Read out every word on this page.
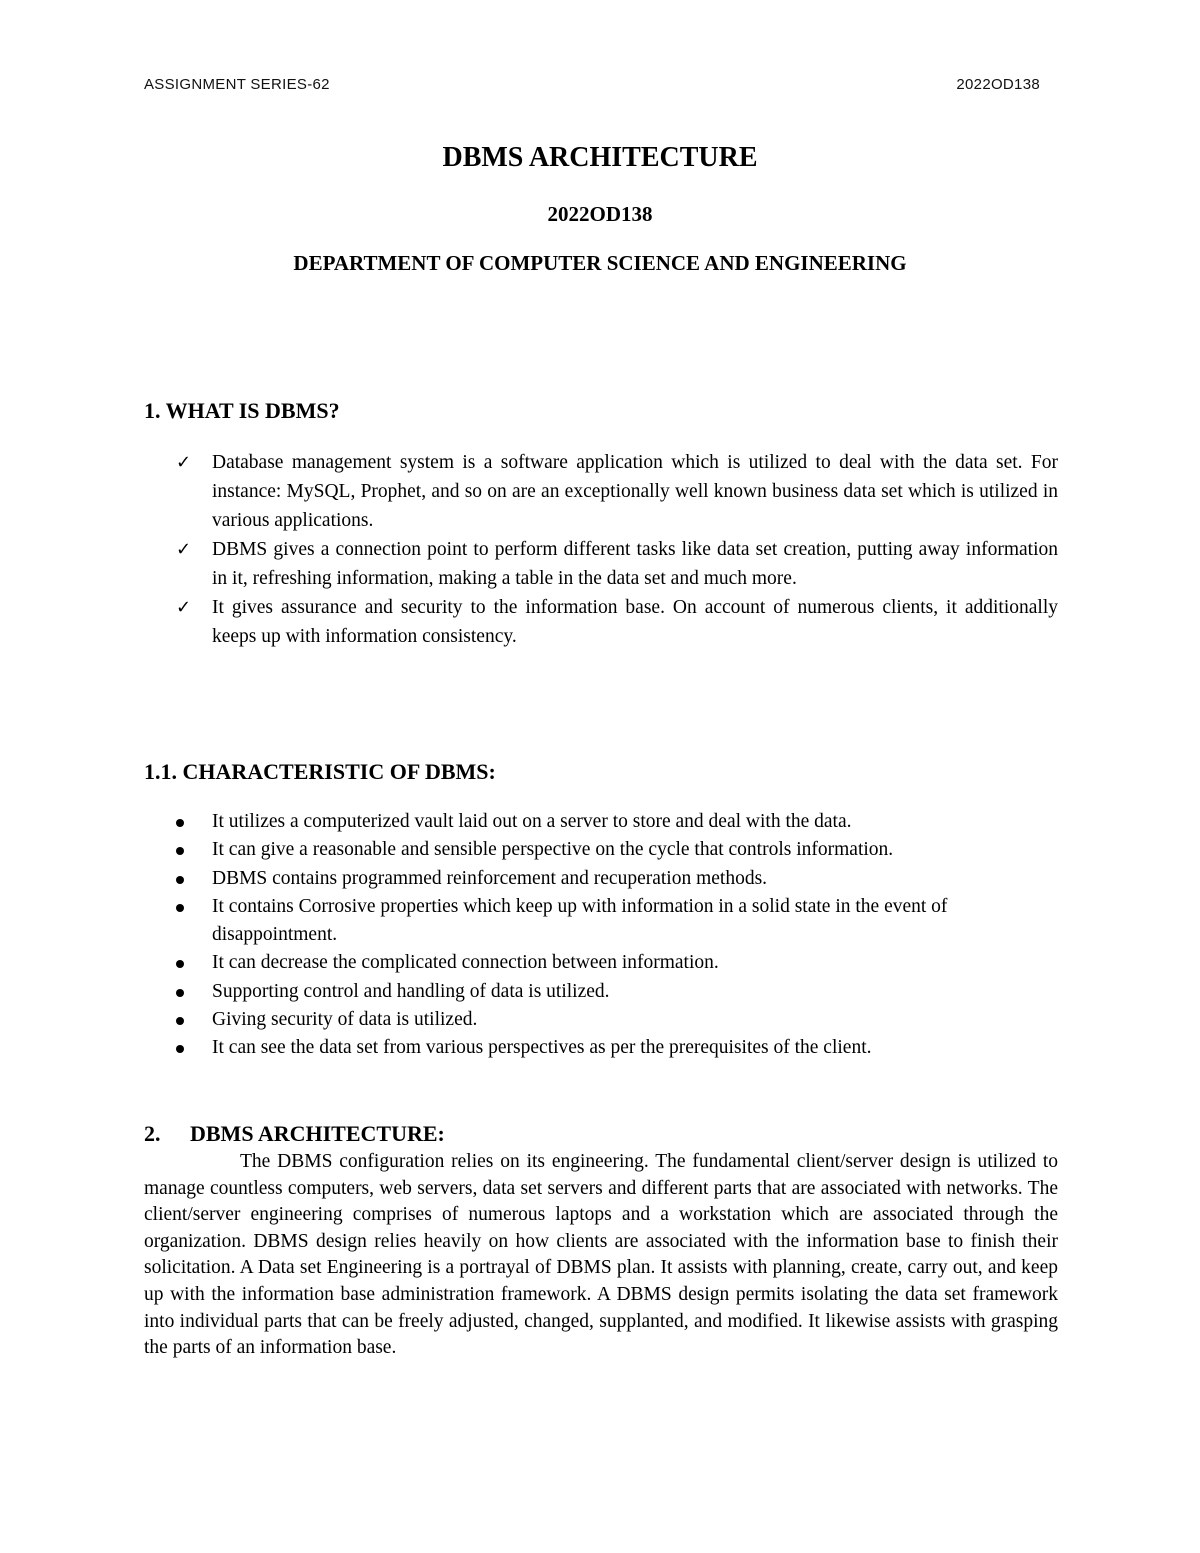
ASSIGNMENT SERIES-62	2022OD138
DBMS ARCHITECTURE
2022OD138
DEPARTMENT OF COMPUTER SCIENCE AND ENGINEERING
1. WHAT IS DBMS?
✓ Database management system is a software application which is utilized to deal with the data set. For instance: MySQL, Prophet, and so on are an exceptionally well known business data set which is utilized in various applications.
✓ DBMS gives a connection point to perform different tasks like data set creation, putting away information in it, refreshing information, making a table in the data set and much more.
✓ It gives assurance and security to the information base. On account of numerous clients, it additionally keeps up with information consistency.
1.1. CHARACTERISTIC OF DBMS:
It utilizes a computerized vault laid out on a server to store and deal with the data.
It can give a reasonable and sensible perspective on the cycle that controls information.
DBMS contains programmed reinforcement and recuperation methods.
It contains Corrosive properties which keep up with information in a solid state in the event of disappointment.
It can decrease the complicated connection between information.
Supporting control and handling of data is utilized.
Giving security of data is utilized.
It can see the data set from various perspectives as per the prerequisites of the client.
2. DBMS ARCHITECTURE:

The DBMS configuration relies on its engineering. The fundamental client/server design is utilized to manage countless computers, web servers, data set servers and different parts that are associated with networks. The client/server engineering comprises of numerous laptops and a workstation which are associated through the organization. DBMS design relies heavily on how clients are associated with the information base to finish their solicitation. A Data set Engineering is a portrayal of DBMS plan. It assists with planning, create, carry out, and keep up with the information base administration framework. A DBMS design permits isolating the data set framework into individual parts that can be freely adjusted, changed, supplanted, and modified. It likewise assists with grasping the parts of an information base.
